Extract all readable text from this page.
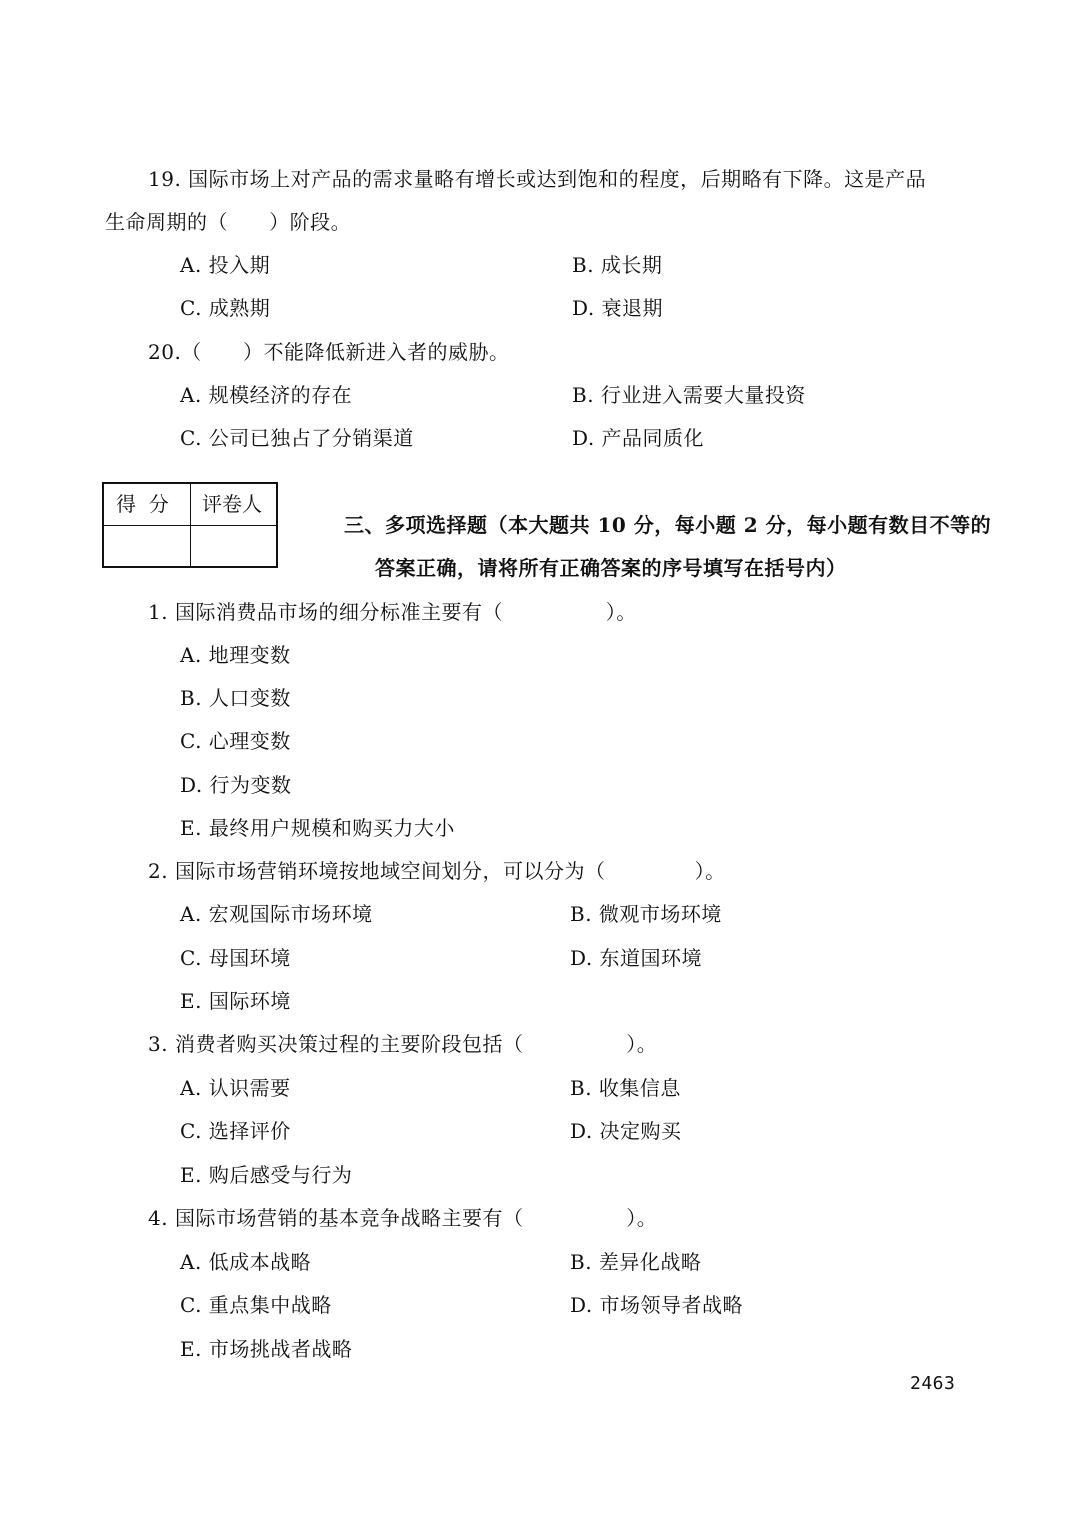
19. 国际市场上对产品的需求量略有增长或达到饱和的程度，后期略有下降。这是产品
生命周期的（      ）阶段。
A. 投入期	B. 成长期
C. 成熟期	D. 衰退期
20.（      ）不能降低新进入者的威胁。
A. 规模经济的存在	B. 行业进入需要大量投资
C. 公司已独占了分销渠道	D. 产品同质化
得  分 评卷人
三、多项选择题（本大题共 10 分，每小题 2 分，每小题有数目不等的
答案正确，请将所有正确答案的序号填写在括号内）
1. 国际消费品市场的细分标准主要有（               ）。
A. 地理变数
B. 人口变数
C. 心理变数
D. 行为变数
E. 最终用户规模和购买力大小
2. 国际市场营销环境按地域空间划分，可以分为（             ）。
A. 宏观国际市场环境	B. 微观市场环境
C. 母国环境	D. 东道国环境
E. 国际环境
3. 消费者购买决策过程的主要阶段包括（               ）。
A. 认识需要	B. 收集信息
C. 选择评价	D. 决定购买
E. 购后感受与行为
4. 国际市场营销的基本竞争战略主要有（               ）。
A. 低成本战略	B. 差异化战略
C. 重点集中战略	D. 市场领导者战略
E. 市场挑战者战略
2463
